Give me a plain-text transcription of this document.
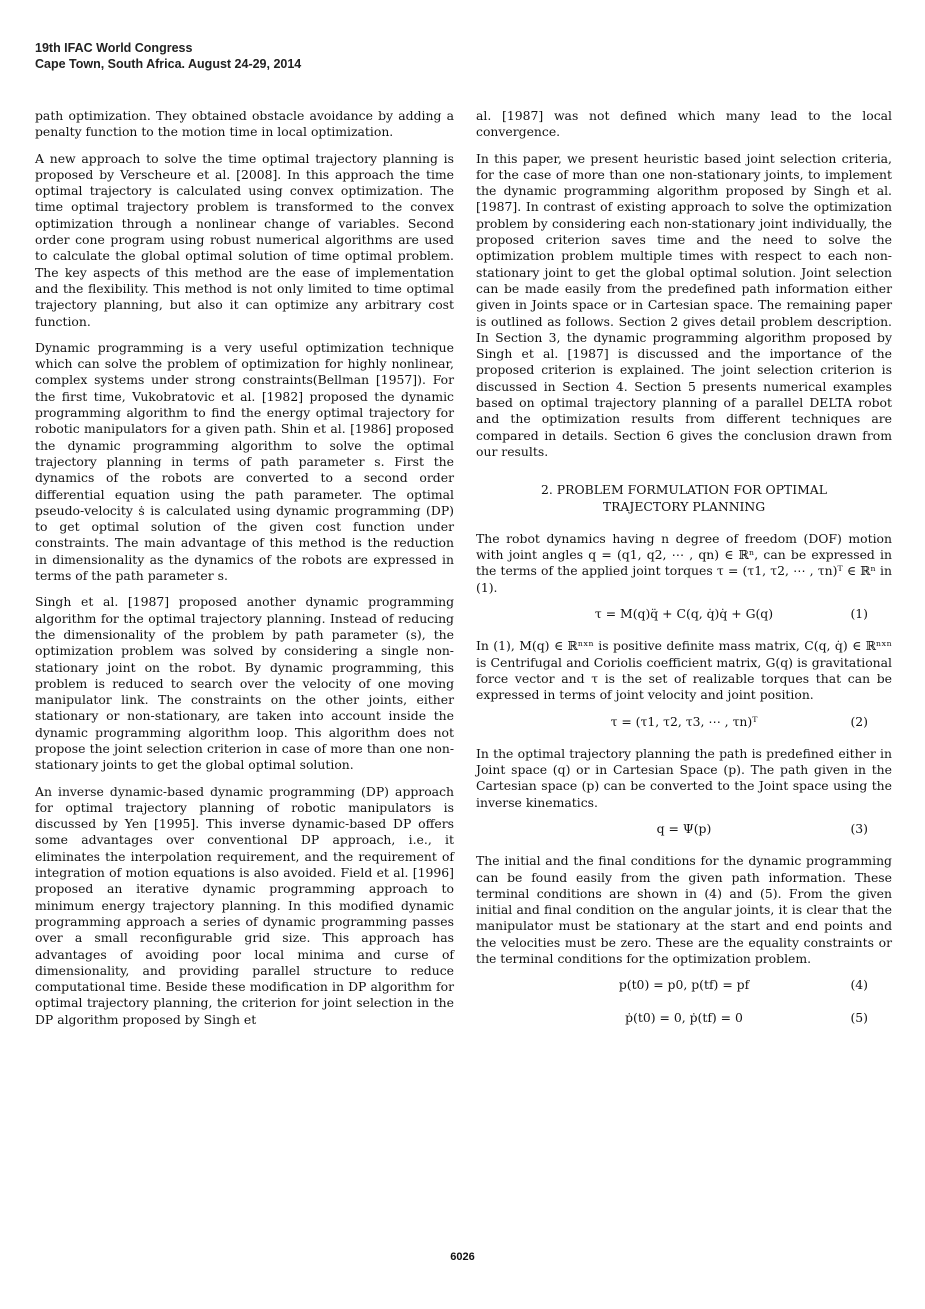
19th IFAC World Congress
Cape Town, South Africa. August 24-29, 2014

path optimization. They obtained obstacle avoidance by adding a penalty function to the motion time in local optimization.

A new approach to solve the time optimal trajectory planning is proposed by Verscheure et al. [2008]. In this approach the time optimal trajectory is calculated using convex optimization. The time optimal trajectory problem is transformed to the convex optimization through a nonlinear change of variables. Second order cone program using robust numerical algorithms are used to calculate the global optimal solution of time optimal problem. The key aspects of this method are the ease of implementation and the flexibility. This method is not only limited to time optimal trajectory planning, but also it can optimize any arbitrary cost function.

Dynamic programming is a very useful optimization technique which can solve the problem of optimization for highly nonlinear, complex systems under strong constraints(Bellman [1957]). For the first time, Vukobratovic et al. [1982] proposed the dynamic programming algorithm to find the energy optimal trajectory for robotic manipulators for a given path. Shin et al. [1986] proposed the dynamic programming algorithm to solve the optimal trajectory planning in terms of path parameter s. First the dynamics of the robots are converted to a second order differential equation using the path parameter. The optimal pseudo-velocity ṡ is calculated using dynamic programming (DP) to get optimal solution of the given cost function under constraints. The main advantage of this method is the reduction in dimensionality as the dynamics of the robots are expressed in terms of the path parameter s.

Singh et al. [1987] proposed another dynamic programming algorithm for the optimal trajectory planning. Instead of reducing the dimensionality of the problem by path parameter (s), the optimization problem was solved by considering a single non-stationary joint on the robot. By dynamic programming, this problem is reduced to search over the velocity of one moving manipulator link. The constraints on the other joints, either stationary or non-stationary, are taken into account inside the dynamic programming algorithm loop. This algorithm does not propose the joint selection criterion in case of more than one non-stationary joints to get the global optimal solution.

An inverse dynamic-based dynamic programming (DP) approach for optimal trajectory planning of robotic manipulators is discussed by Yen [1995]. This inverse dynamic-based DP offers some advantages over conventional DP approach, i.e., it eliminates the interpolation requirement, and the requirement of integration of motion equations is also avoided. Field et al. [1996] proposed an iterative dynamic programming approach to minimum energy trajectory planning. In this modified dynamic programming approach a series of dynamic programming passes over a small reconfigurable grid size. This approach has advantages of avoiding poor local minima and curse of dimensionality, and providing parallel structure to reduce computational time. Beside these modification in DP algorithm for optimal trajectory planning, the criterion for joint selection in the DP algorithm proposed by Singh et

al. [1987] was not defined which many lead to the local convergence.

In this paper, we present heuristic based joint selection criteria, for the case of more than one non-stationary joints, to implement the dynamic programming algorithm proposed by Singh et al. [1987]. In contrast of existing approach to solve the optimization problem by considering each non-stationary joint individually, the proposed criterion saves time and the need to solve the optimization problem multiple times with respect to each non-stationary joint to get the global optimal solution. Joint selection can be made easily from the predefined path information either given in Joints space or in Cartesian space. The remaining paper is outlined as follows. Section 2 gives detail problem description. In Section 3, the dynamic programming algorithm proposed by Singh et al. [1987] is discussed and the importance of the proposed criterion is explained. The joint selection criterion is discussed in Section 4. Section 5 presents numerical examples based on optimal trajectory planning of a parallel DELTA robot and the optimization results from different techniques are compared in details. Section 6 gives the conclusion drawn from our results.

2. PROBLEM FORMULATION FOR OPTIMAL
TRAJECTORY PLANNING

The robot dynamics having n degree of freedom (DOF) motion with joint angles q = (q1, q2, ⋯ , qn) ∈ ℝⁿ, can be expressed in the terms of the applied joint torques τ = (τ1, τ2, ⋯ , τn)ᵀ ∈ ℝⁿ in (1).

τ = M(q)q̈ + C(q, q̇)q̇ + G(q)	(1)

In (1), M(q) ∈ ℝⁿˣⁿ is positive definite mass matrix, C(q, q̇) ∈ ℝⁿˣⁿ is Centrifugal and Coriolis coefficient matrix, G(q) is gravitational force vector and τ is the set of realizable torques that can be expressed in terms of joint velocity and joint position.

τ = (τ1, τ2, τ3, ⋯ , τn)ᵀ	(2)

In the optimal trajectory planning the path is predefined either in Joint space (q) or in Cartesian Space (p). The path given in the Cartesian space (p) can be converted to the Joint space using the inverse kinematics.

q = Ψ(p)	(3)

The initial and the final conditions for the dynamic programming can be found easily from the given path information. These terminal conditions are shown in (4) and (5). From the given initial and final condition on the angular joints, it is clear that the manipulator must be stationary at the start and end points and the velocities must be zero. These are the equality constraints or the terminal conditions for the optimization problem.

p(t0) = p0, p(tf) = pf	(4)
ṗ(t0) = 0, ṗ(tf) = 0	(5)
6026
